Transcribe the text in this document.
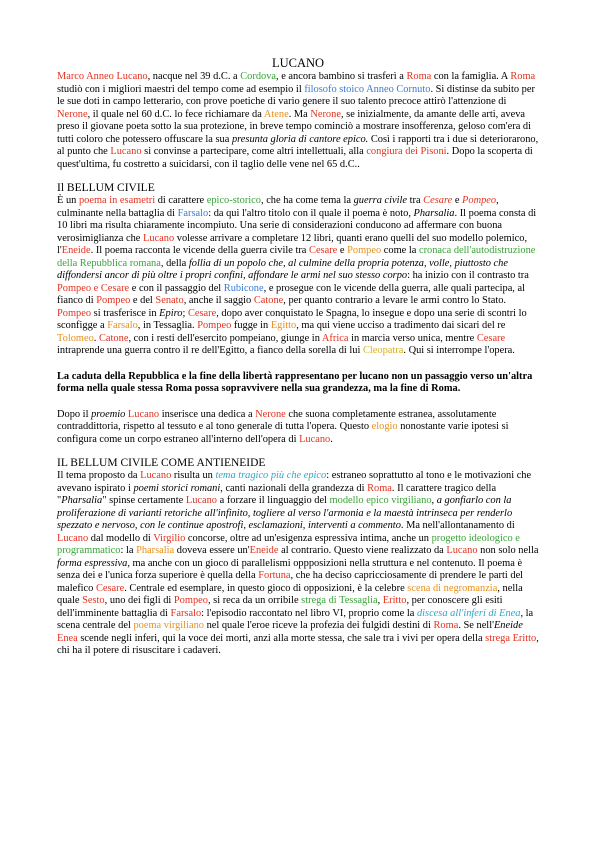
LUCANO

Marco Anneo Lucano, nacque nel 39 d.C. a Cordova, e ancora bambino si trasferì a Roma con la famiglia. A Roma studiò con i migliori maestri del tempo come ad esempio il filosofo stoico Anneo Cornuto. Si distinse da subito per le sue doti in campo letterario, con prove poetiche di vario genere il suo talento precoce attirò l'attenzione di Nerone, il quale nel 60 d.C. lo fece richiamare da Atene. Ma Nerone, se inizialmente, da amante delle arti, aveva preso il giovane poeta sotto la sua protezione, in breve tempo cominciò a mostrare insofferenza, geloso com'era di tutti coloro che potessero offuscare la sua presunta gloria di cantore epico. Così i rapporti tra i due si deteriorarono, al punto che Lucano si convinse a partecipare, come altri intellettuali, alla congiura dei Pisoni. Dopo la scoperta di quest'ultima, fu costretto a suicidarsi, con il taglio delle vene nel 65 d.C..

Il BELLUM CIVILE

È un poema in esametri di carattere epico-storico, che ha come tema la guerra civile tra Cesare e Pompeo, culminante nella battaglia di Farsalo: da qui l'altro titolo con il quale il poema è noto, Pharsalia. Il poema consta di 10 libri ma risulta chiaramente incompiuto. Una serie di considerazioni conducono ad affermare con buona verosimiglianza che Lucano volesse arrivare a completare 12 libri, quanti erano quelli del suo modello polemico, l'Eneide. Il poema racconta le vicende della guerra civile tra Cesare e Pompeo come la cronaca dell'autodistruzione della Repubblica romana, della follia di un popolo che, al culmine della propria potenza, volle, piuttosto che diffondersi ancor di più oltre i propri confini, affondare le armi nel suo stesso corpo: ha inizio con il contrasto tra Pompeo e Cesare e con il passaggio del Rubicone, e prosegue con le vicende della guerra, alle quali partecipa, al fianco di Pompeo e del Senato, anche il saggio Catone, per quanto contrario a levare le armi contro lo Stato. Pompeo si trasferisce in Epiro; Cesare, dopo aver conquistato le Spagna, lo insegue e dopo una serie di scontri lo sconfigge a Farsalo, in Tessaglia. Pompeo fugge in Egitto, ma qui viene ucciso a tradimento dai sicari del re Tolomeo. Catone, con i resti dell'esercito pompeiano, giunge in Africa in marcia verso unica, mentre Cesare intraprende una guerra contro il re dell'Egitto, a fianco della sorella di lui Cleopatra. Qui si interrompe l'opera.

La caduta della Repubblica e la fine della libertà rappresentano per lucano non un passaggio verso un'altra forma nella quale stessa Roma possa sopravvivere nella sua grandezza, ma la fine di Roma.

Dopo il proemio Lucano inserisce una dedica a Nerone che suona completamente estranea, assolutamente contraddittoria, rispetto al tessuto e al tono generale di tutta l'opera. Questo elogio nonostante varie ipotesi si configura come un corpo estraneo all'interno dell'opera di Lucano.

IL BELLUM CIVILE COME ANTIENEIDE

Il tema proposto da Lucano risulta un tema tragico più che epico: estraneo soprattutto al tono e le motivazioni che avevano ispirato i poemi storici romani, canti nazionali della grandezza di Roma. Il carattere tragico della "Pharsalia" spinse certamente Lucano a forzare il linguaggio del modello epico virgiliano, a gonfiarlo con la proliferazione di varianti retoriche all'infinito, togliere al verso l'armonia e la maestà intrinseca per renderlo spezzato e nervoso, con le continue apostrofi, esclamazioni, interventi a commento. Ma nell'allontanamento di Lucano dal modello di Virgilio concorse, oltre ad un'esigenza espressiva intima, anche un progetto ideologico e programmatico: la Pharsalia doveva essere un'Eneide al contrario. Questo viene realizzato da Lucano non solo nella forma espressiva, ma anche con un gioco di parallelismi oppposizioni nella struttura e nel contenuto. Il poema è senza dei e l'unica forza superiore è quella della Fortuna, che ha deciso capricciosamente di prendere le parti del malefico Cesare. Centrale ed esemplare, in questo gioco di opposizioni, è la celebre scena di negromanzia, nella quale Sesto, uno dei figli di Pompeo, si reca da un orribile strega di Tessaglia, Eritto, per conoscere gli esiti dell'imminente battaglia di Farsalo: l'episodio raccontato nel libro VI, proprio come la discesa all'inferi di Enea, la scena centrale del poema virgiliano nel quale l'eroe riceve la profezia dei fulgidi destini di Roma. Se nell'Eneide Enea scende negli inferi, qui la voce dei morti, anzi alla morte stessa, che sale tra i vivi per opera della strega Eritto, chi ha il potere di risuscitare i cadaveri.
